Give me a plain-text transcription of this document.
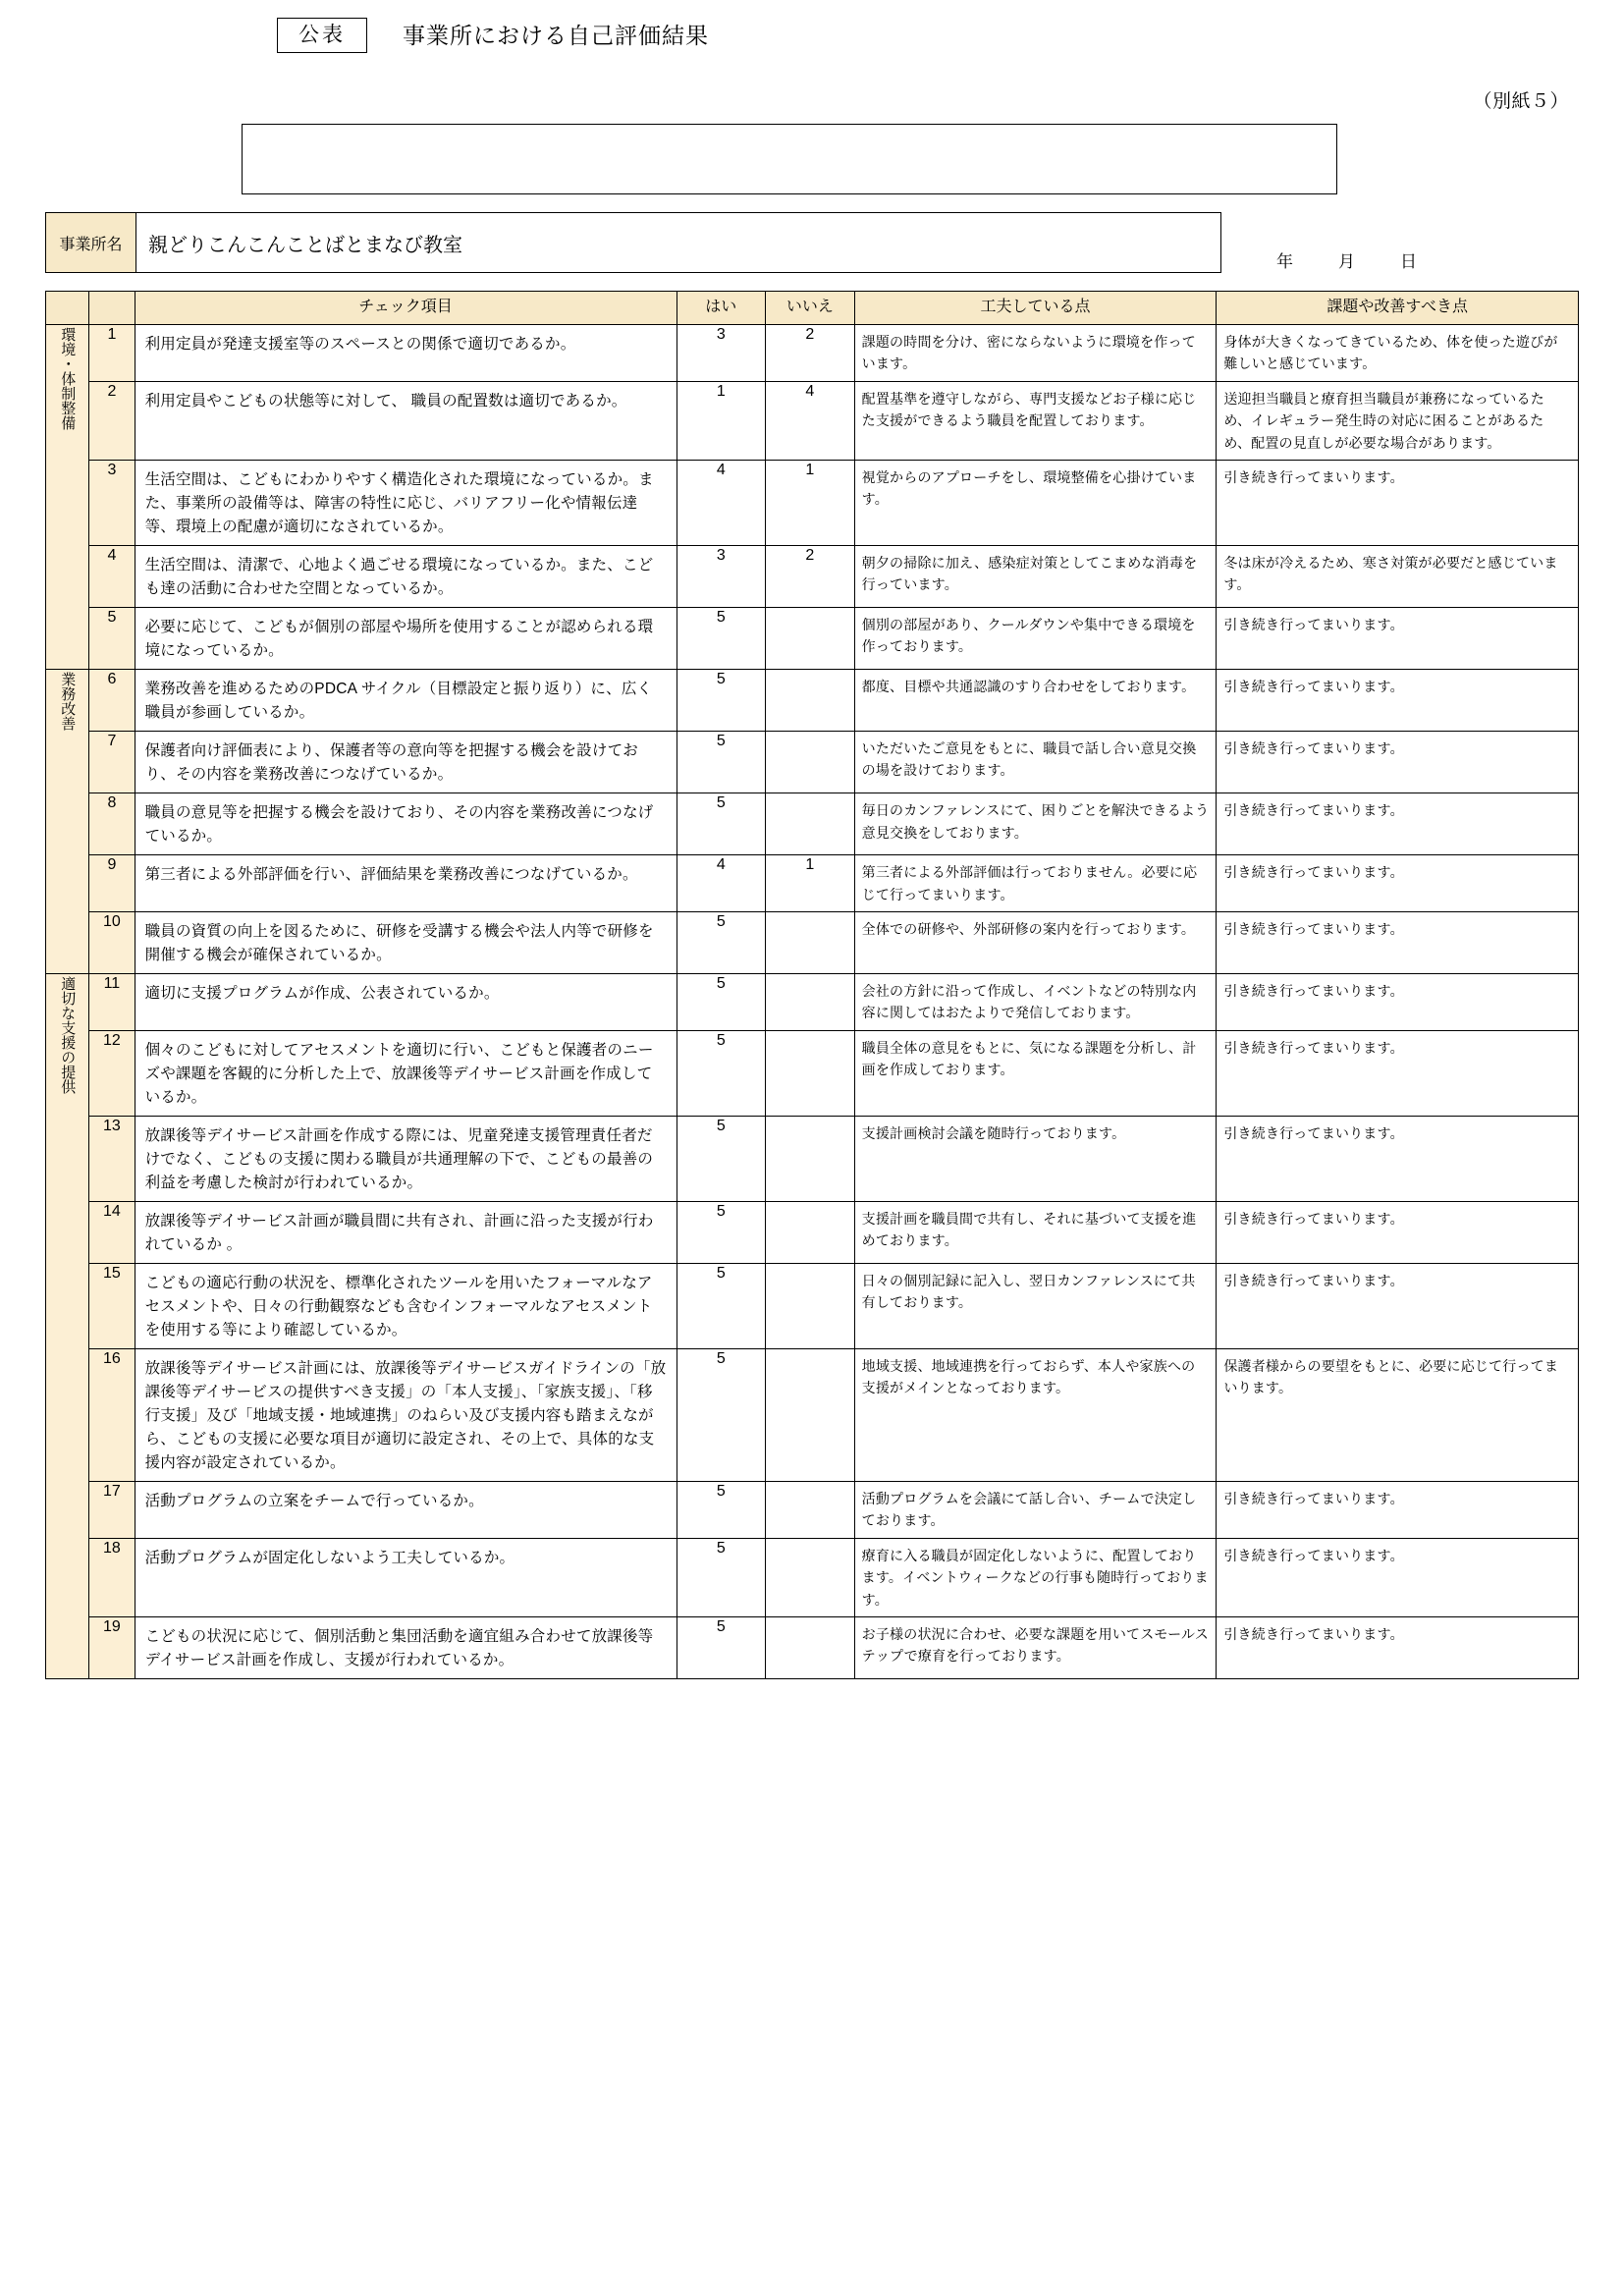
（別紙５）
公表	事業所における自己評価結果
事業所名	親どりこんこんことばとまなび教室
年	月	日
		チェック項目	はい	いいえ	工夫している点	課題や改善すべき点
環境・体制整備	1	利用定員が発達支援室等のスペースとの関係で適切であるか。	3	2	課題の時間を分け、密にならないように環境を作っています。	身体が大きくなってきているため、体を使った遊びが難しいと感じています。
	2	利用定員やこどもの状態等に対して、 職員の配置数は適切であるか。	1	4	配置基準を遵守しながら、専門支援などお子様に応じた支援ができるよう職員を配置しております。	送迎担当職員と療育担当職員が兼務になっているため、イレギュラー発生時の対応に困ることがあるため、配置の見直しが必要な場合があります。
	3	生活空間は、こどもにわかりやすく構造化された環境になっているか。また、事業所の設備等は、障害の特性に応じ、バリアフリー化や情報伝達等、環境上の配慮が適切になされているか。	4	1	視覚からのアプローチをし、環境整備を心掛けています。	引き続き行ってまいります。
	4	生活空間は、清潔で、心地よく過ごせる環境になっているか。また、こども達の活動に合わせた空間となっているか。	3	2	朝夕の掃除に加え、感染症対策としてこまめな消毒を行っています。	冬は床が冷えるため、寒さ対策が必要だと感じています。
	5	必要に応じて、こどもが個別の部屋や場所を使用することが認められる環境になっているか。	5		個別の部屋があり、クールダウンや集中できる環境を作っております。	引き続き行ってまいります。
業務改善	6	業務改善を進めるためのPDCA サイクル（目標設定と振り返り）に、広く職員が参画しているか。	5		都度、目標や共通認識のすり合わせをしております。	引き続き行ってまいります。
	7	保護者向け評価表により、保護者等の意向等を把握する機会を設けており、その内容を業務改善につなげているか。	5		いただいたご意見をもとに、職員で話し合い意見交換の場を設けております。	引き続き行ってまいります。
	8	職員の意見等を把握する機会を設けており、その内容を業務改善につなげているか。	5		毎日のカンファレンスにて、困りごとを解決できるよう意見交換をしております。	引き続き行ってまいります。
	9	第三者による外部評価を行い、評価結果を業務改善につなげているか。	4	1	第三者による外部評価は行っておりません。必要に応じて行ってまいります。	引き続き行ってまいります。
	10	職員の資質の向上を図るために、研修を受講する機会や法人内等で研修を開催する機会が確保されているか。	5		全体での研修や、外部研修の案内を行っております。	引き続き行ってまいります。
適切な支援の提供	11	適切に支援プログラムが作成、公表されているか。	5		会社の方針に沿って作成し、イベントなどの特別な内容に関してはおたよりで発信しております。	引き続き行ってまいります。
	12	個々のこどもに対してアセスメントを適切に行い、こどもと保護者のニーズや課題を客観的に分析した上で、放課後等デイサービス計画を作成しているか。	5		職員全体の意見をもとに、気になる課題を分析し、計画を作成しております。	引き続き行ってまいります。
	13	放課後等デイサービス計画を作成する際には、児童発達支援管理責任者だけでなく、こどもの支援に関わる職員が共通理解の下で、こどもの最善の利益を考慮した検討が行われているか。	5		支援計画検討会議を随時行っております。	引き続き行ってまいります。
	14	放課後等デイサービス計画が職員間に共有され、計画に沿った支援が行われているか 。	5		支援計画を職員間で共有し、それに基づいて支援を進めております。	引き続き行ってまいります。
	15	こどもの適応行動の状況を、標準化されたツールを用いたフォーマルなアセスメントや、日々の行動観察なども含むインフォーマルなアセスメントを使用する等により確認しているか。	5		日々の個別記録に記入し、翌日カンファレンスにて共有しております。	引き続き行ってまいります。
	16	放課後等デイサービス計画には、放課後等デイサービスガイドラインの「放課後等デイサービスの提供すべき支援」の「本人支援」、「家族支援」、「移行支援」及び「地域支援・地域連携」のねらい及び支援内容も踏まえながら、こどもの支援に必要な項目が適切に設定され、その上で、具体的な支援内容が設定されているか。	5		地域支援、地域連携を行っておらず、本人や家族への支援がメインとなっております。	保護者様からの要望をもとに、必要に応じて行ってまいります。
	17	活動プログラムの立案をチームで行っているか。	5		活動プログラムを会議にて話し合い、チームで決定しております。	引き続き行ってまいります。
	18	活動プログラムが固定化しないよう工夫しているか。	5		療育に入る職員が固定化しないように、配置しております。イベントウィークなどの行事も随時行っております。	引き続き行ってまいります。
	19	こどもの状況に応じて、個別活動と集団活動を適宜組み合わせて放課後等デイサービス計画を作成し、支援が行われているか。	5		お子様の状況に合わせ、必要な課題を用いてスモールステップで療育を行っております。	引き続き行ってまいります。
